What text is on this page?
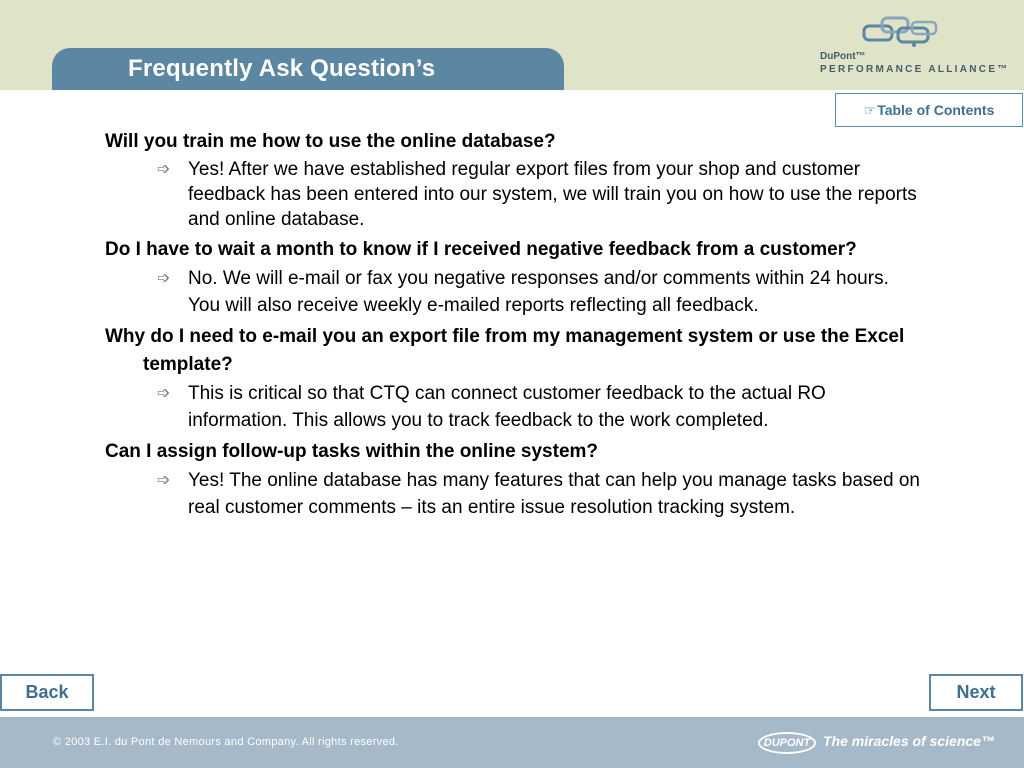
Frequently Ask Question’s	DuPont™
PERFORMANCE ALLIANCE™
☞ Table of Contents
Will you train me how to use the online database?
➩ Yes! After we have established regular export files from your shop and customer feedback has been entered into our system, we will train you on how to use the reports and online database.
Do I have to wait a month to know if I received negative feedback from a customer?
➩ No. We will e-mail or fax you negative responses and/or comments within 24 hours. You will also receive weekly e-mailed reports reflecting all feedback.
Why do I need to e-mail you an export file from my management system or use the Excel template?
➩ This is critical so that CTQ can connect customer feedback to the actual RO information. This allows you to track feedback to the work completed.
Can I assign follow-up tasks within the online system?
➩ Yes! The online database has many features that can help you manage tasks based on real customer comments – its an entire issue resolution tracking system.
Back	Next
© 2003 E.I. du Pont de Nemours and Company. All rights reserved.	DUPONT The miracles of science™
